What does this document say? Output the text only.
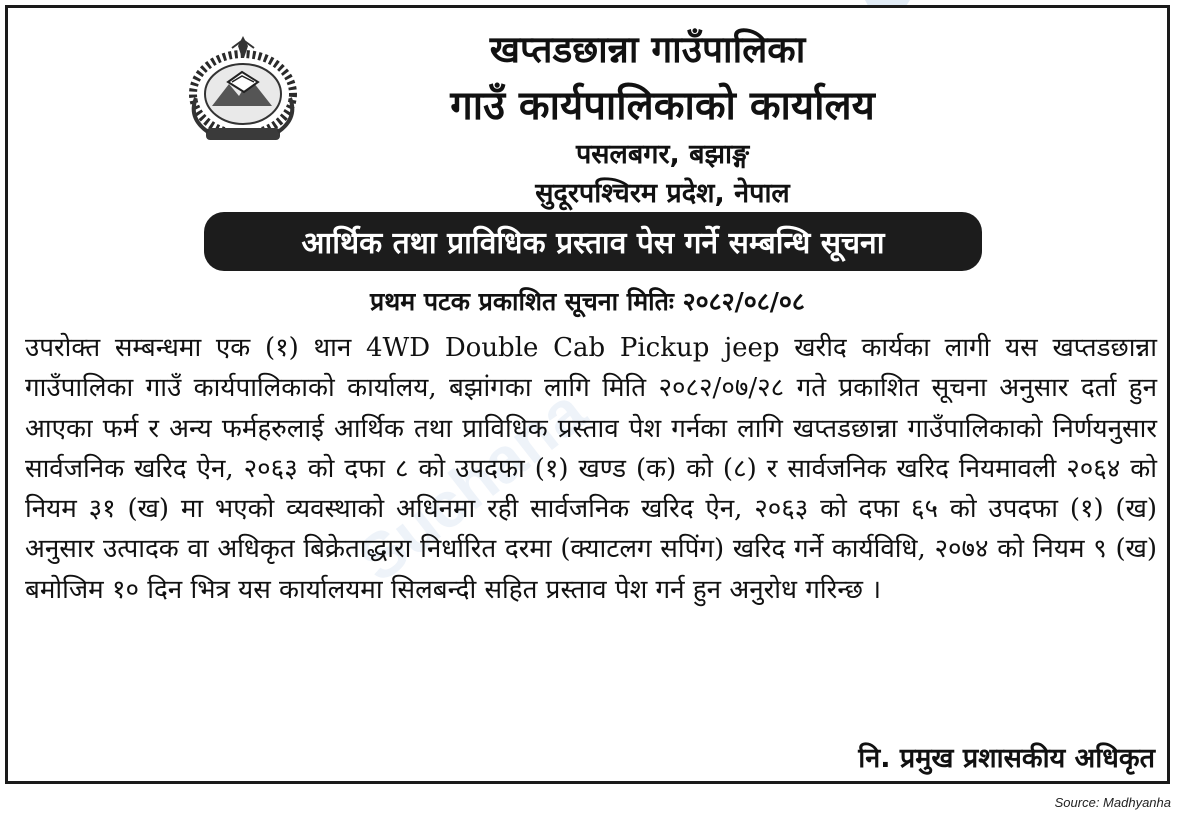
Suchana
खप्तडछान्ना गाउँपालिका
गाउँ कार्यपालिकाको कार्यालय
पसलबगर, बझाङ्ग
सुदूरपश्चिरम प्रदेश, नेपाल
आर्थिक तथा प्राविधिक प्रस्ताव पेस गर्ने सम्बन्धि सूचना
प्रथम पटक प्रकाशित सूचना मितिः २०८२/०८/०८
उपरोक्त सम्बन्धमा एक (१) थान 4WD Double Cab Pickup jeep खरीद कार्यका लागी यस खप्तडछान्ना गाउँपालिका गाउँ कार्यपालिकाको कार्यालय, बझांगका लागि मिति २०८२/०७/२८ गते प्रकाशित सूचना अनुसार दर्ता हुन आएका फर्म र अन्य फर्महरुलाई आर्थिक तथा प्राविधिक प्रस्ताव पेश गर्नका लागि खप्तडछान्ना गाउँपालिकाको निर्णयनुसार सार्वजनिक खरिद ऐन, २०६३ को दफा ८ को उपदफा (१) खण्ड (क) को (८) र सार्वजनिक खरिद नियमावली २०६४ को नियम ३१ (ख) मा भएको व्यवस्थाको अधिनमा रही सार्वजनिक खरिद ऐन, २०६३ को दफा ६५ को उपदफा (१) (ख) अनुसार उत्पादक वा अधिकृत बिक्रेताद्धारा निर्धारित दरमा (क्याटलग सपिंग) खरिद गर्ने कार्यविधि, २०७४ को नियम ९ (ख) बमोजिम १० दिन भित्र यस कार्यालयमा सिलबन्दी सहित प्रस्ताव पेश गर्न हुन अनुरोध गरिन्छ ।
नि. प्रमुख प्रशासकीय अधिकृत
Source: Madhyanha
